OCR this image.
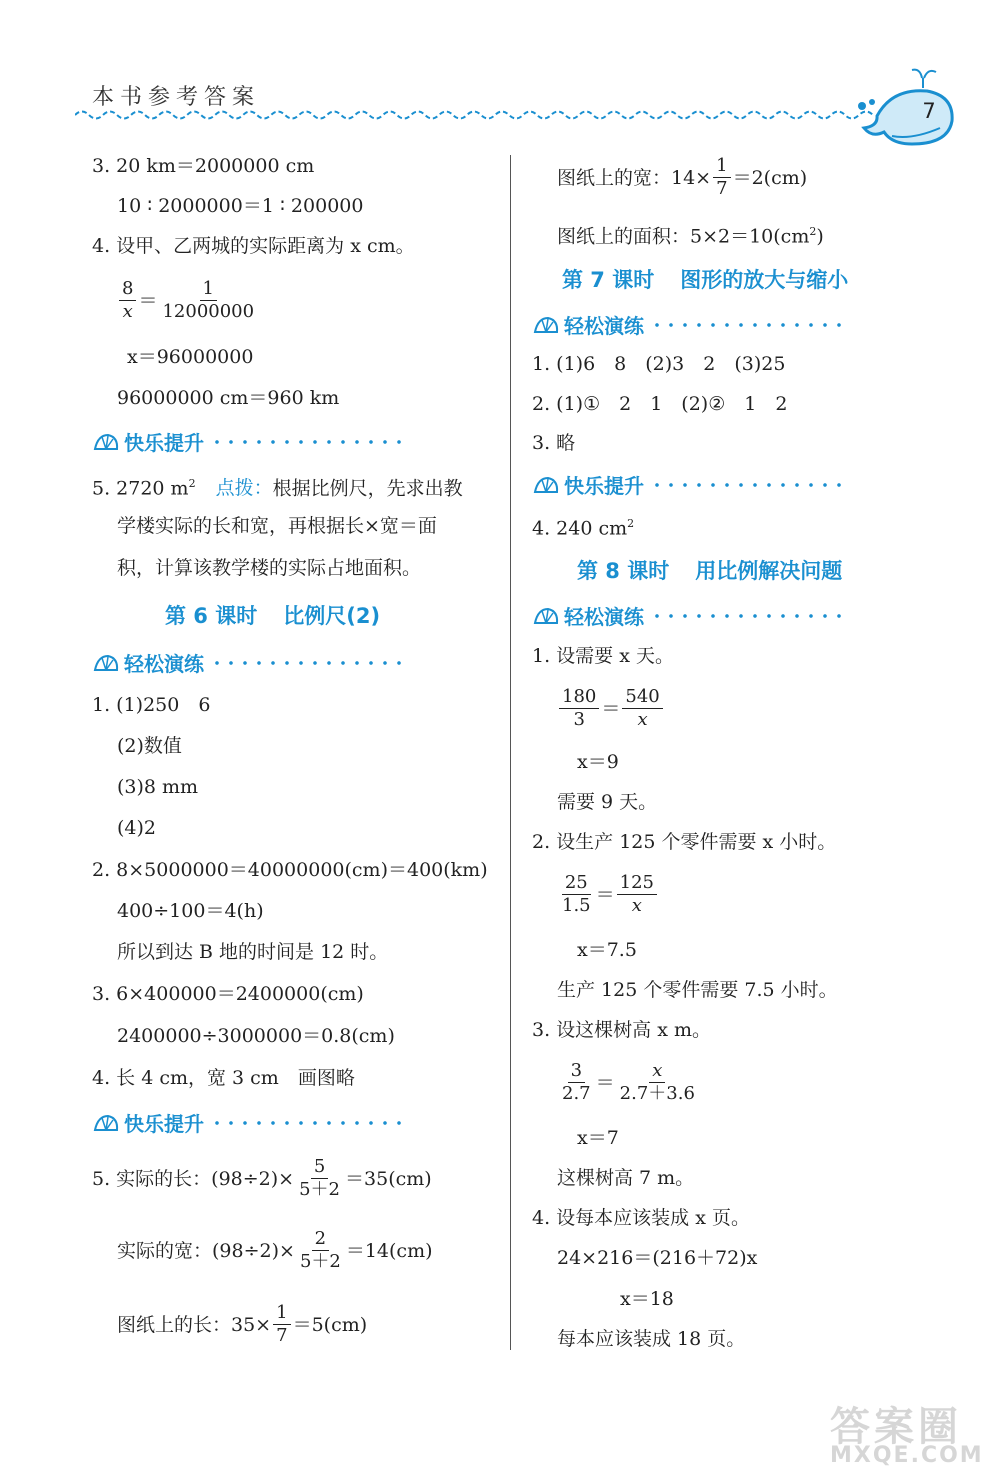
本书参考答案
7
3. 20 km＝2000000 cm
10 ∶ 2000000＝1 ∶ 200000
4. 设甲、乙两城的实际距离为 x cm。
$\frac{8}{x} = \frac{1}{12000000}$
x＝96000000
96000000 cm＝960 km
快乐提升
5. 2720 $m^2$ 点拨：根据比例尺，先求出教
学楼实际的长和宽，再根据长×宽＝面
积，计算该教学楼的实际占地面积。
第 6 课时 比例尺(2)
轻松演练
1. (1)250　6
(2)数值
(3)8 mm
(4)2
2. 8×5000000＝40000000(cm)＝400(km)
400÷100＝4(h)
所以到达 B 地的时间是 12 时。
3. 6×400000＝2400000(cm)
2400000÷3000000＝0.8(cm)
4. 长 4 cm，宽 3 cm　画图略
快乐提升
5. 实际的长：$(98\div 2)\times \frac{5}{5+2} =35(cm)$
实际的宽：$(98\div 2)\times \frac{2}{5+2} =14(cm)$
图纸上的长：$35\times \frac{1}{7} =5(cm)$
图纸上的宽：$14\times \frac{1}{7} =2(cm)$
图纸上的面积：$5\times 2=10(cm^2)$
第 7 课时 图形的放大与缩小
轻松演练
1. (1)6　8　(2)3　2　(3)25
2. (1)①　2　1　(2)②　1　2
3. 略
快乐提升
4. 240 $cm^2$
第 8 课时 用比例解决问题
轻松演练
1. 设需要 x 天。
$\frac{180}{3} = \frac{540}{x}$
x＝9
需要 9 天。
2. 设生产 125 个零件需要 x 小时。
$\frac{25}{1.5} = \frac{125}{x}$
x＝7.5
生产 125 个零件需要 7.5 小时。
3. 设这棵树高 x m。
$\frac{3}{2.7} = \frac{x}{2.7+3.6}$
x＝7
这棵树高 7 m。
4. 设每本应该装成 x 页。
24×216＝(216＋72)x
x＝18
每本应该装成 18 页。
答案圈
MXQE.COM
